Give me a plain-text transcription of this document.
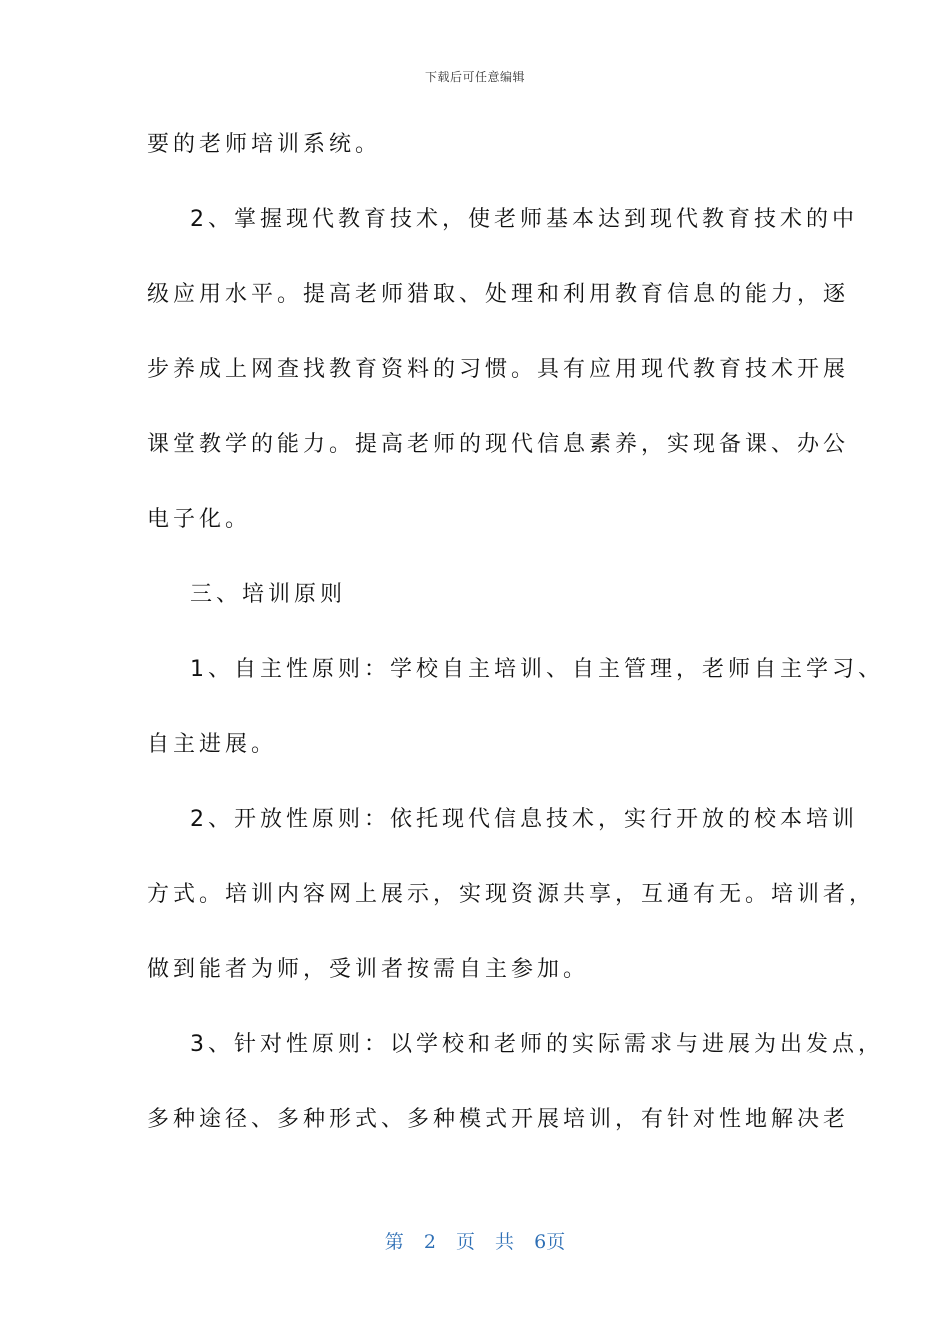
下载后可任意编辑
要的老师培训系统。
2、掌握现代教育技术，使老师基本达到现代教育技术的中
级应用水平。提高老师猎取、处理和利用教育信息的能力，逐
步养成上网查找教育资料的习惯。具有应用现代教育技术开展
课堂教学的能力。提高老师的现代信息素养，实现备课、办公
电子化。
三、培训原则
1、自主性原则：学校自主培训、自主管理，老师自主学习、
自主进展。
2、开放性原则：依托现代信息技术，实行开放的校本培训
方式。培训内容网上展示，实现资源共享，互通有无。培训者，
做到能者为师，受训者按需自主参加。
3、针对性原则：以学校和老师的实际需求与进展为出发点，
多种途径、多种形式、多种模式开展培训，有针对性地解决老
第 2 页 共 6页
